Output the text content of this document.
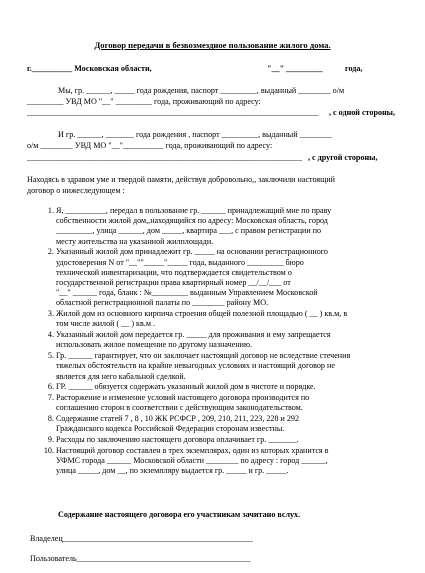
Договор передачи в безвозмездное пользование жилого дома.
г.__________ Московская области,	"__" _________	года,
Мы, гр. ______, _____ года рождения, паспорт _________, выданный ________ о/м
_________ УВД МО "__" _________ года, проживающий по адресу:
________________________________________________________________________	, с одной стороны,
И гр. ______, _______ года рождения , паспорт _________, выданный ________
о/м ________ УВД МО "__"__________ года, проживающий по адресу:
____________________________________________________________________ , с другой стороны,
Находясь в здравом уме и твердой памяти, действуя добровольно,, заключили настоящий
договор о нижеследующем :
1. Я, __________, передал в пользование гр. ______ принадлежащий мне по праву
собственности жилой дом,,находящийся по адресу: Московская область, город
_________, улица ______, дом _____, квартира ___, с правом регистрации по
месту жительства на указанной жилплощади.
2. Указанный жилой дом принадлежит гр. _____ на основании регистрационного
удостоверения N от "__""_____"_____ года, выданного _________ бюро
технической инвентаризации, что подтверждается свидетельством о
государственной регистрации права квартирный номер __/__/___ от
"__" ______ года, бланк : №_________ выданным Управлением Московской
областной регистрационной палаты по ________ району МО.
3. Жилой дом из основного кирпича строения общей полезной площадью ( __ ) кв.м, в
том числе жилой ( __ ) кв.м .
4. Указанный жилой дом передается гр. _____ для проживания и ему запрещается
использовать жилое помещение по другому назначению.
5. Гр. ______ гарантирует, что он заключает настоящий договор не вследствие стечения
тяжелых обстоятельств на крайне невыгодных условиях и настоящий договор не
является для него кабальной сделкой.
6. ГР. ______ обязуется содержать указанный жилой дом в чистоте и порядке.
7. Расторжение и изменение условий настоящего договора производится по
соглашению сторон в соответствии с действующим законодательством.
8. Содержание статей 7 , 8 , 10 ЖК РСФСР , 209, 210, 211, 223, 228 и 292
Гражданского кодекса Российской Федерации сторонам известны.
9. Расходы по заключению настоящего договора оплачивает гр. _______.
10. Настоящий договор составлен в трех экземплярах, один из которых хранится в
УФМС города ______ Московской области ________ по адресу : город ______,
улица _____, дом __, по экземпляру выдается гр. _____ и гр. _____.
Содержание настоящего договора его участникам зачитано вслух.
Владелец_______________________________________________
Пользователь___________________________________________
